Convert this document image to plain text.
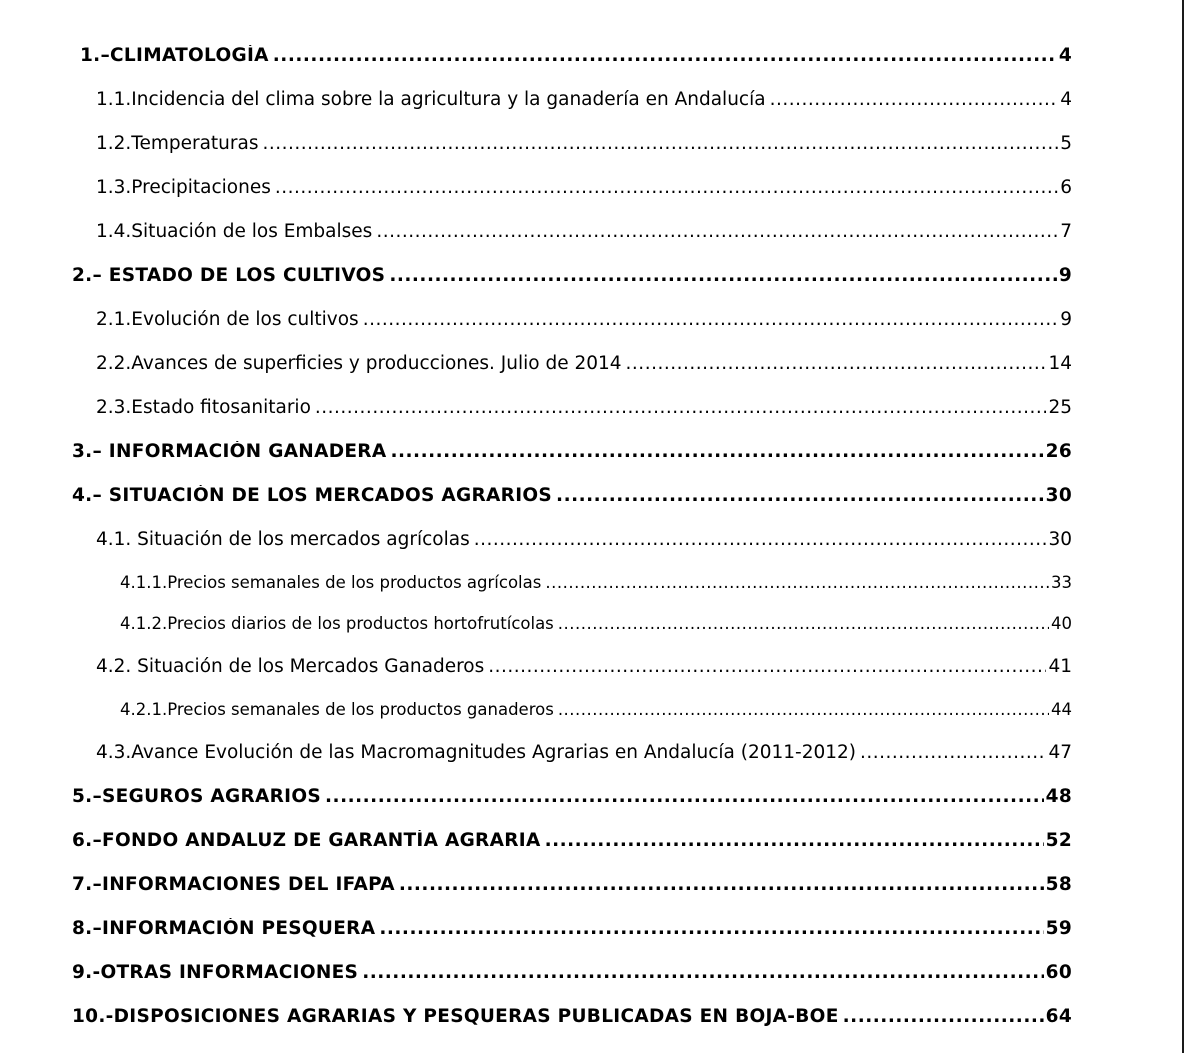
1.–CLIMATOLOGÍA .....	4
1.1.Incidencia del clima sobre la agricultura y la ganadería en Andalucía .....	4
1.2.Temperaturas .....	5
1.3.Precipitaciones .....	6
1.4.Situación de los Embalses .....	7
2.– ESTADO DE LOS CULTIVOS .....	9
2.1.Evolución de los cultivos .....	9
2.2.Avances de superficies y producciones. Julio de 2014 .....	14
2.3.Estado fitosanitario .....	25
3.– INFORMACIÓN GANADERA .....	26
4.– SITUACIÓN DE LOS MERCADOS AGRARIOS .....	30
4.1. Situación de los mercados agrícolas .....	30
4.1.1.Precios semanales de los productos agrícolas .....	33
4.1.2.Precios diarios de los productos hortofrutícolas .....	40
4.2. Situación de los Mercados Ganaderos .....	41
4.2.1.Precios semanales de los productos ganaderos .....	44
4.3.Avance Evolución de las Macromagnitudes Agrarias en Andalucía (2011-2012) .....	47
5.–SEGUROS AGRARIOS .....	48
6.–FONDO ANDALUZ DE GARANTÍA AGRARIA .....	52
7.–INFORMACIONES DEL IFAPA .....	58
8.–INFORMACIÓN PESQUERA .....	59
9.-OTRAS INFORMACIONES .....	60
10.-DISPOSICIONES AGRARIAS Y PESQUERAS PUBLICADAS EN BOJA-BOE .....	64
